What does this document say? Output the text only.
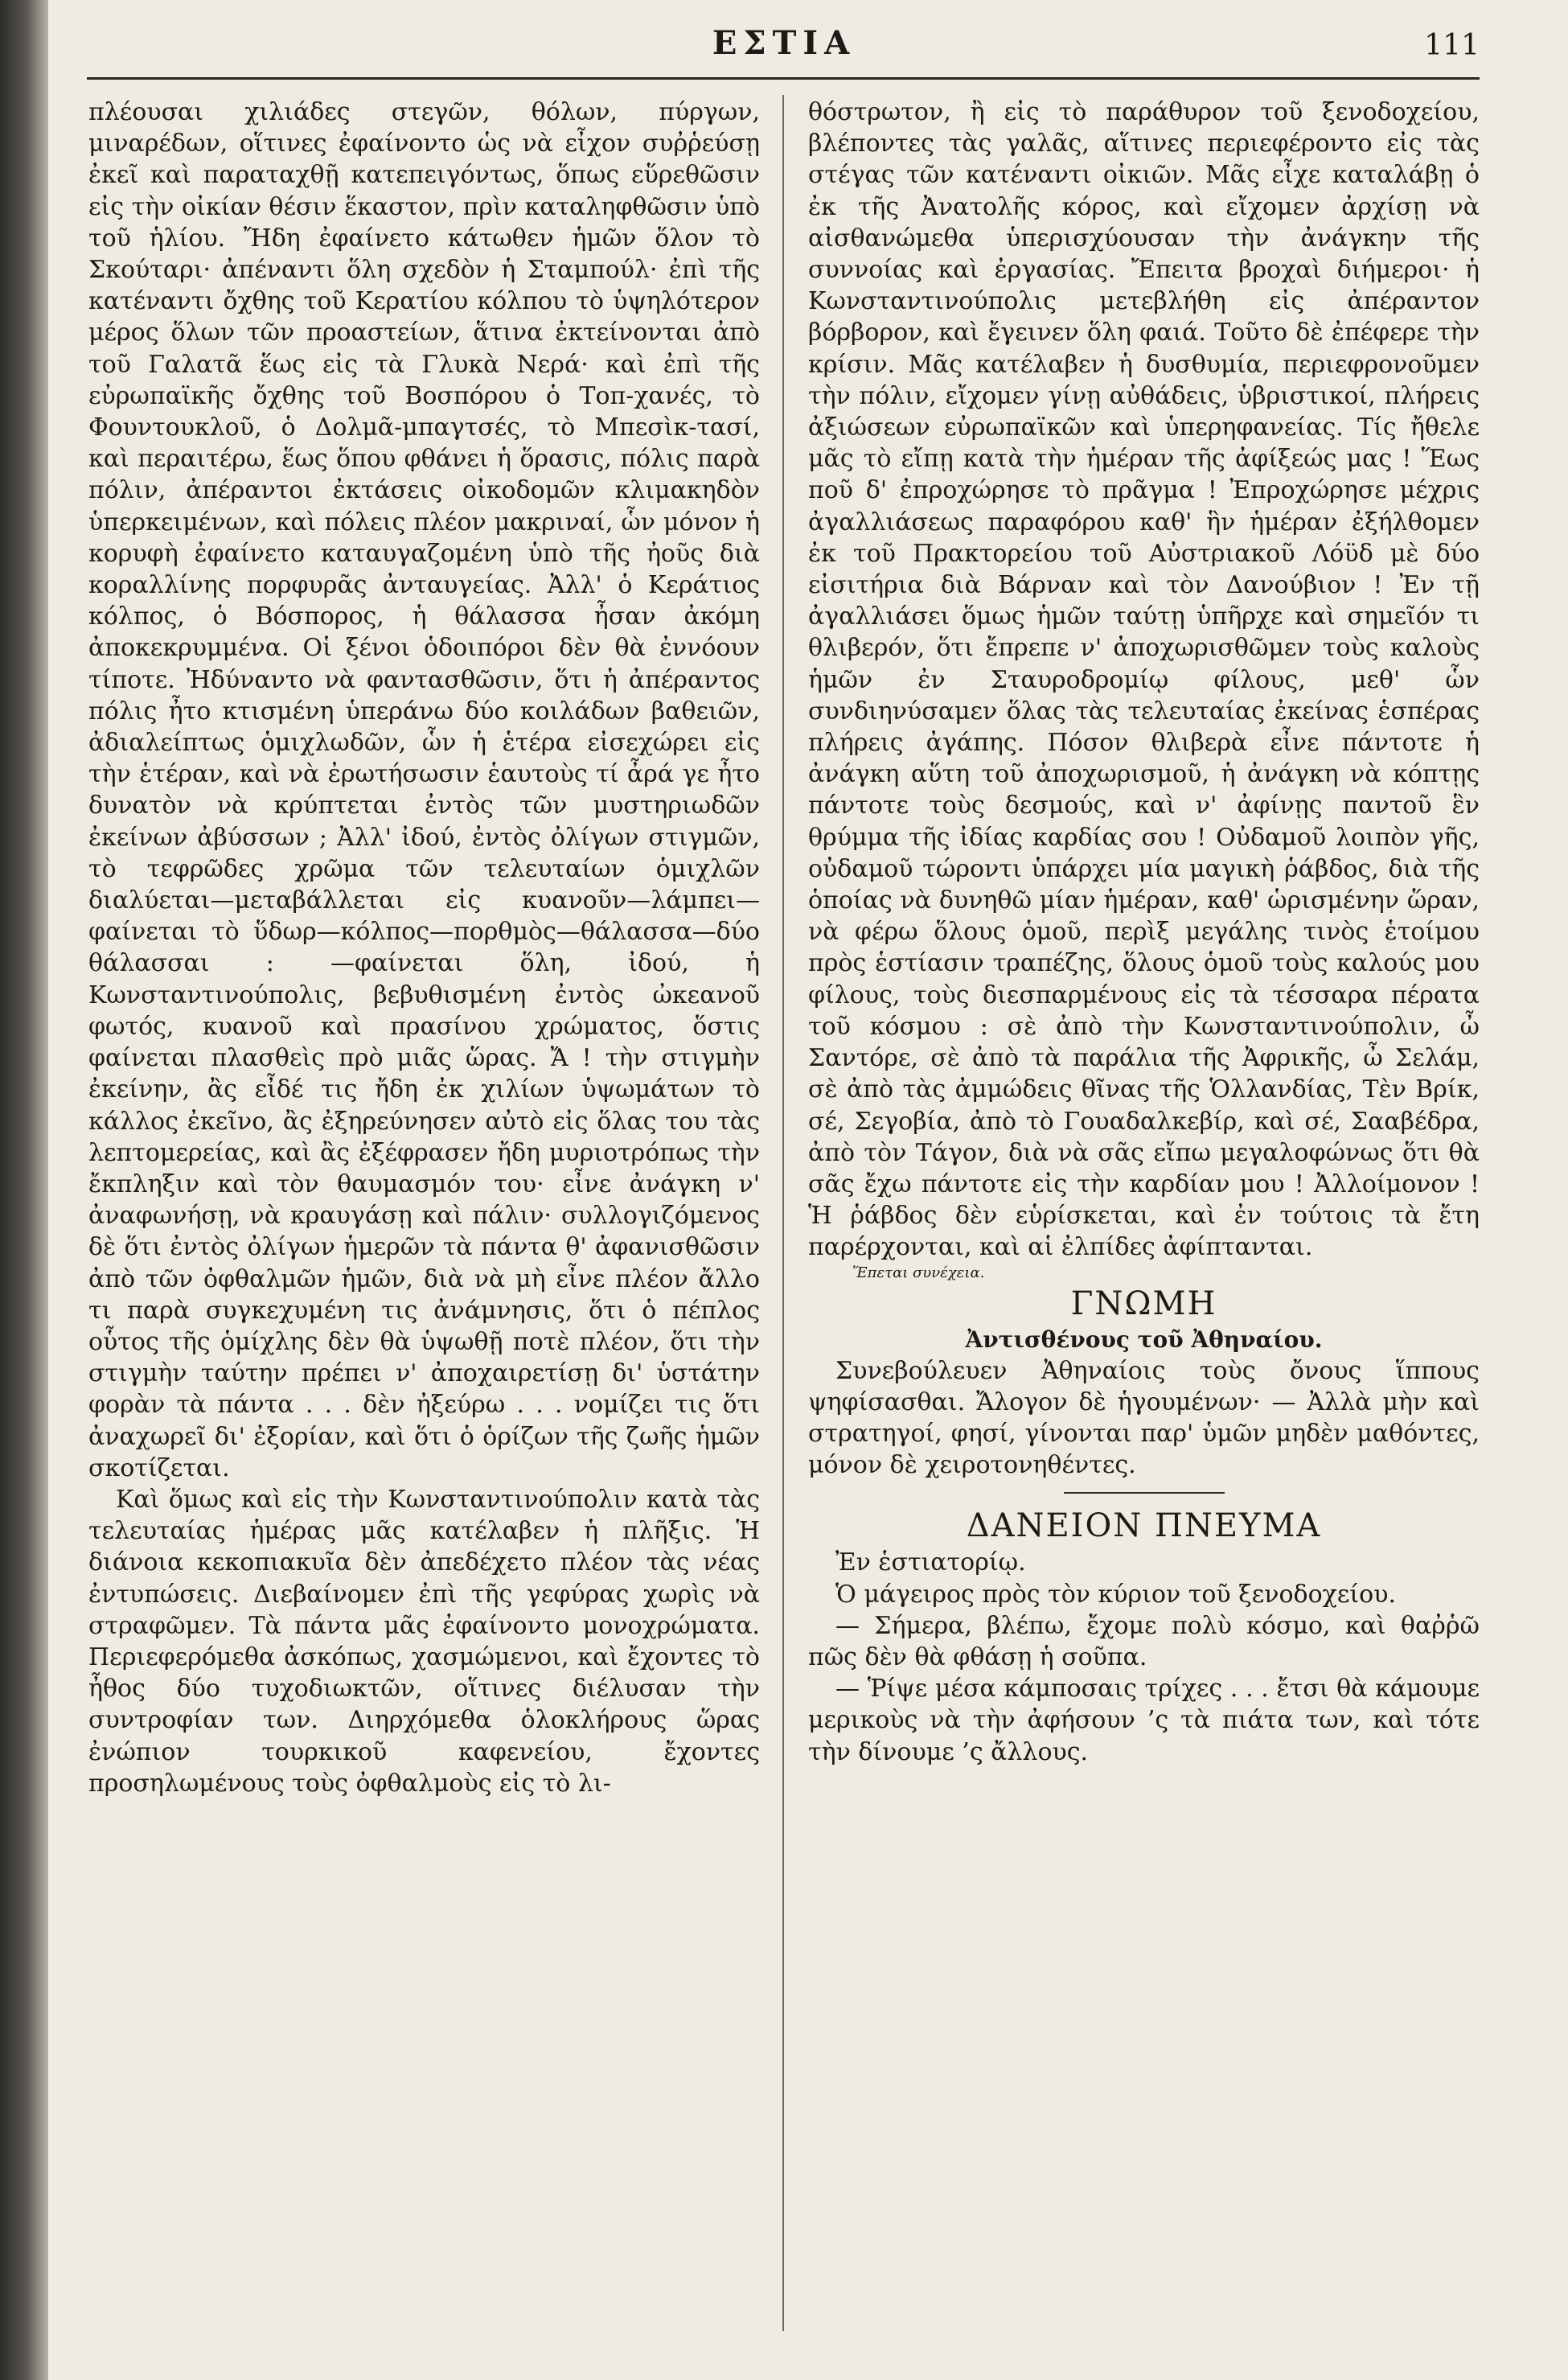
ΕΣΤΙΑ	111

πλέουσαι χιλιάδες στεγῶν, θόλων, πύργων, μιναρέδων, οἵτινες ἐφαίνοντο ὡς νὰ εἶχον συῤῥεύσῃ ἐκεῖ καὶ παραταχθῇ κατεπειγόντως, ὅπως εὕρεθῶσιν εἰς τὴν οἰκίαν θέσιν ἕκαστον, πρὶν καταληφθῶσιν ὑπὸ τοῦ ἡλίου. Ἤδη ἐφαίνετο κάτωθεν ἡμῶν ὅλον τὸ Σκούταρι· ἀπέναντι ὅλη σχεδὸν ἡ Σταμπούλ· ἐπὶ τῆς κατέναντι ὄχθης τοῦ Κερατίου κόλπου τὸ ὑψηλότερον μέρος ὅλων τῶν προαστείων, ἅτινα ἐκτείνονται ἀπὸ τοῦ Γαλατᾶ ἕως εἰς τὰ Γλυκὰ Νερά· καὶ ἐπὶ τῆς εὐρωπαϊκῆς ὄχθης τοῦ Βοσπόρου ὁ Τοπ-χανές, τὸ Φουντουκλοῦ, ὁ Δολμᾶ-μπαγτσές, τὸ Μπεσὶκ-τασί, καὶ περαιτέρω, ἕως ὅπου φθάνει ἡ ὅρασις, πόλις παρὰ πόλιν, ἀπέραντοι ἐκτάσεις οἰκοδομῶν κλιμακηδὸν ὑπερκειμένων, καὶ πόλεις πλέον μακριναί, ὧν μόνον ἡ κορυφὴ ἐφαίνετο καταυγαζομένη ὑπὸ τῆς ἠοῦς διὰ κοραλλίνης πορφυρᾶς ἀνταυγείας. Ἀλλ' ὁ Κεράτιος κόλπος, ὁ Βόσπορος, ἡ θάλασσα ἦσαν ἀκόμη ἀποκεκρυμμένα. Οἱ ξένοι ὁδοιπόροι δὲν θὰ ἐννόουν τίποτε. Ἠδύναντο νὰ φαντασθῶσιν, ὅτι ἡ ἀπέραντος πόλις ἦτο κτισμένη ὑπεράνω δύο κοιλάδων βαθειῶν, ἀδιαλείπτως ὁμιχλωδῶν, ὧν ἡ ἑτέρα εἰσεχώρει εἰς τὴν ἑτέραν, καὶ νὰ ἐρωτήσωσιν ἑαυτοὺς τί ἆρά γε ἦτο δυνατὸν νὰ κρύπτεται ἐντὸς τῶν μυστηριωδῶν ἐκείνων ἀβύσσων ; Ἀλλ' ἰδού, ἐντὸς ὀλίγων στιγμῶν, τὸ τεφρῶδες χρῶμα τῶν τελευταίων ὁμιχλῶν διαλύεται—μεταβάλλεται εἰς κυανοῦν—λάμπει—φαίνεται τὸ ὕδωρ—κόλπος—πορθμὸς—θάλασσα—δύο θάλασσαι : —φαίνεται ὅλη, ἰδού, ἡ Κωνσταντινούπολις, βεβυθισμένη ἐντὸς ὠκεανοῦ φωτός, κυανοῦ καὶ πρασίνου χρώματος, ὅστις φαίνεται πλασθεὶς πρὸ μιᾶς ὥρας. Ἄ ! τὴν στιγμὴν ἐκείνην, ἂς εἶδέ τις ἤδη ἐκ χιλίων ὑψωμάτων τὸ κάλλος ἐκεῖνο, ἂς ἐξηρεύνησεν αὐτὸ εἰς ὅλας του τὰς λεπτομερείας, καὶ ἂς ἐξέφρασεν ἤδη μυριοτρόπως τὴν ἔκπληξιν καὶ τὸν θαυμασμόν του· εἶνε ἀνάγκη ν' ἀναφωνήσῃ, νὰ κραυγάσῃ καὶ πάλιν· συλλογιζόμενος δὲ ὅτι ἐντὸς ὀλίγων ἡμερῶν τὰ πάντα θ' ἀφανισθῶσιν ἀπὸ τῶν ὀφθαλμῶν ἡμῶν, διὰ νὰ μὴ εἶνε πλέον ἄλλο τι παρὰ συγκεχυμένη τις ἀνάμνησις, ὅτι ὁ πέπλος οὗτος τῆς ὁμίχλης δὲν θὰ ὑψωθῇ ποτὲ πλέον, ὅτι τὴν στιγμὴν ταύτην πρέπει ν' ἀποχαιρετίσῃ δι' ὑστάτην φορὰν τὰ πάντα . . . δὲν ἠξεύρω . . . νομίζει τις ὅτι ἀναχωρεῖ δι' ἐξορίαν, καὶ ὅτι ὁ ὁρίζων τῆς ζωῆς ἡμῶν σκοτίζεται.

Καὶ ὅμως καὶ εἰς τὴν Κωνσταντινούπολιν κατὰ τὰς τελευταίας ἡμέρας μᾶς κατέλαβεν ἡ πλῆξις. Ἡ διάνοια κεκοπιακυῖα δὲν ἀπεδέχετο πλέον τὰς νέας ἐντυπώσεις. Διεβαίνομεν ἐπὶ τῆς γεφύρας χωρὶς νὰ στραφῶμεν. Τὰ πάντα μᾶς ἐφαίνοντο μονοχρώματα. Περιεφερόμεθα ἀσκόπως, χασμώμενοι, καὶ ἔχοντες τὸ ἦθος δύο τυχοδιωκτῶν, οἵτινες διέλυσαν τὴν συντροφίαν των. Διηρχόμεθα ὁλοκλήρους ὥρας ἐνώπιον τουρκικοῦ καφενείου, ἔχοντες προσηλωμένους τοὺς ὀφθαλμοὺς εἰς τὸ λι-

θόστρωτον, ἢ εἰς τὸ παράθυρον τοῦ ξενοδοχείου, βλέποντες τὰς γαλᾶς, αἵτινες περιεφέροντο εἰς τὰς στέγας τῶν κατέναντι οἰκιῶν. Μᾶς εἶχε καταλάβῃ ὁ ἐκ τῆς Ἀνατολῆς κόρος, καὶ εἴχομεν ἀρχίσῃ νὰ αἰσθανώμεθα ὑπερισχύουσαν τὴν ἀνάγκην τῆς συννοίας καὶ ἐργασίας. Ἔπειτα βροχαὶ διήμεροι· ἡ Κωνσταντινούπολις μετεβλήθη εἰς ἀπέραντον βόρβορον, καὶ ἔγεινεν ὅλη φαιά. Τοῦτο δὲ ἐπέφερε τὴν κρίσιν. Μᾶς κατέλαβεν ἡ δυσθυμία, περιεφρονοῦμεν τὴν πόλιν, εἴχομεν γίνῃ αὐθάδεις, ὑβριστικοί, πλήρεις ἀξιώσεων εὐρωπαϊκῶν καὶ ὑπερηφανείας. Τίς ἤθελε μᾶς τὸ εἴπῃ κατὰ τὴν ἡμέραν τῆς ἀφίξεώς μας ! Ἕως ποῦ δ' ἐπροχώρησε τὸ πρᾶγμα ! Ἐπροχώρησε μέχρις ἀγαλλιάσεως παραφόρου καθ' ἣν ἡμέραν ἐξήλθομεν ἐκ τοῦ Πρακτορείου τοῦ Αὐστριακοῦ Λόϋδ μὲ δύο εἰσιτήρια διὰ Βάρναν καὶ τὸν Δανούβιον ! Ἐν τῇ ἀγαλλιάσει ὅμως ἡμῶν ταύτῃ ὑπῆρχε καὶ σημεῖόν τι θλιβερόν, ὅτι ἔπρεπε ν' ἀποχωρισθῶμεν τοὺς καλοὺς ἡμῶν ἐν Σταυροδρομίῳ φίλους, μεθ' ὧν συνδιηνύσαμεν ὅλας τὰς τελευταίας ἐκείνας ἑσπέρας πλήρεις ἀγάπης. Πόσον θλιβερὰ εἶνε πάντοτε ἡ ἀνάγκη αὕτη τοῦ ἀποχωρισμοῦ, ἡ ἀνάγκη νὰ κόπτῃς πάντοτε τοὺς δεσμούς, καὶ ν' ἀφίνῃς παντοῦ ἓν θρύμμα τῆς ἰδίας καρδίας σου ! Οὐδαμοῦ λοιπὸν γῆς, οὐδαμοῦ τώροντι ὑπάρχει μία μαγικὴ ῥάβδος, διὰ τῆς ὁποίας νὰ δυνηθῶ μίαν ἡμέραν, καθ' ὡρισμένην ὥραν, νὰ φέρω ὅλους ὁμοῦ, περὶξ μεγάλης τινὸς ἑτοίμου πρὸς ἑστίασιν τραπέζης, ὅλους ὁμοῦ τοὺς καλούς μου φίλους, τοὺς διεσπαρμένους εἰς τὰ τέσσαρα πέρατα τοῦ κόσμου : σὲ ἀπὸ τὴν Κωνσταντινούπολιν, ὦ Σαντόρε, σὲ ἀπὸ τὰ παράλια τῆς Ἀφρικῆς, ὦ Σελάμ, σὲ ἀπὸ τὰς ἀμμώδεις θῖνας τῆς Ὁλλανδίας, Τὲν Βρίκ, σέ, Σεγοβία, ἀπὸ τὸ Γουαδαλκεβίρ, καὶ σέ, Σααβέδρα, ἀπὸ τὸν Τάγον, διὰ νὰ σᾶς εἴπω μεγαλοφώνως ὅτι θὰ σᾶς ἔχω πάντοτε εἰς τὴν καρδίαν μου ! Ἀλλοίμονον ! Ἡ ῥάβδος δὲν εὑρίσκεται, καὶ ἐν τούτοις τὰ ἔτη παρέρχονται, καὶ αἱ ἐλπίδες ἀφίπτανται.

Ἕπεται συνέχεια.

ΓΝΩΜΗ

Ἀντισθένους τοῦ Ἀθηναίου.

Συνεβούλευεν Ἀθηναίοις τοὺς ὄνους ἵππους ψηφίσασθαι. Ἄλογον δὲ ἡγουμένων· — Ἀλλὰ μὴν καὶ στρατηγοί, φησί, γίνονται παρ' ὑμῶν μηδὲν μαθόντες, μόνον δὲ χειροτονηθέντες.

ΔΑΝΕΙΟΝ ΠΝΕΥΜΑ

Ἐν ἑστιατορίῳ.

Ὁ μάγειρος πρὸς τὸν κύριον τοῦ ξενοδοχείου.

— Σήμερα, βλέπω, ἔχομε πολὺ κόσμο, καὶ θαῤῥῶ πῶς δὲν θὰ φθάσῃ ἡ σοῦπα.

— Ῥίψε μέσα κάμποσαις τρίχες . . . ἔτσι θὰ κάμουμε μερικοὺς νὰ τὴν ἀφήσουν ’ς τὰ πιάτα των, καὶ τότε τὴν δίνουμε ’ς ἄλλους.
